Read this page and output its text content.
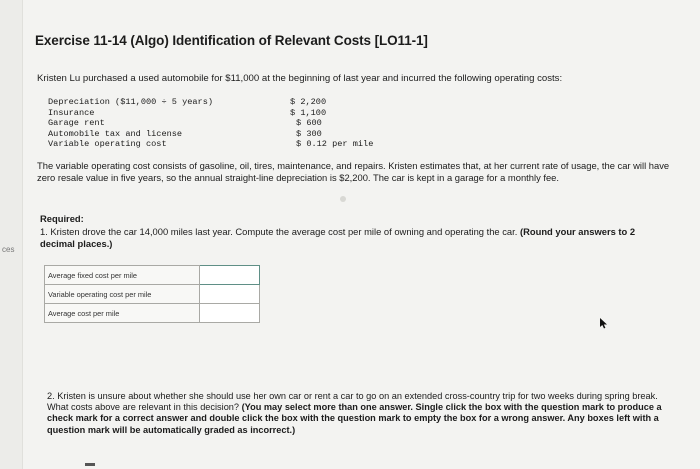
ces
Exercise 11-14 (Algo) Identification of Relevant Costs [LO11-1]
Kristen Lu purchased a used automobile for $11,000 at the beginning of last year and incurred the following operating costs:
Depreciation ($11,000 ÷ 5 years)	$ 2,200
Insurance	$ 1,100
Garage rent	$ 600
Automobile tax and license	$ 300
Variable operating cost	$ 0.12 per mile
The variable operating cost consists of gasoline, oil, tires, maintenance, and repairs. Kristen estimates that, at her current rate of usage, the car will have zero resale value in five years, so the annual straight-line depreciation is $2,200. The car is kept in a garage for a monthly fee.
Required:
1. Kristen drove the car 14,000 miles last year. Compute the average cost per mile of owning and operating the car. (Round your answers to 2 decimal places.)
Average fixed cost per mile	
Variable operating cost per mile	
Average cost per mile	
2. Kristen is unsure about whether she should use her own car or rent a car to go on an extended cross-country trip for two weeks during spring break. What costs above are relevant in this decision? (You may select more than one answer. Single click the box with the question mark to produce a check mark for a correct answer and double click the box with the question mark to empty the box for a wrong answer. Any boxes left with a question mark will be automatically graded as incorrect.)
